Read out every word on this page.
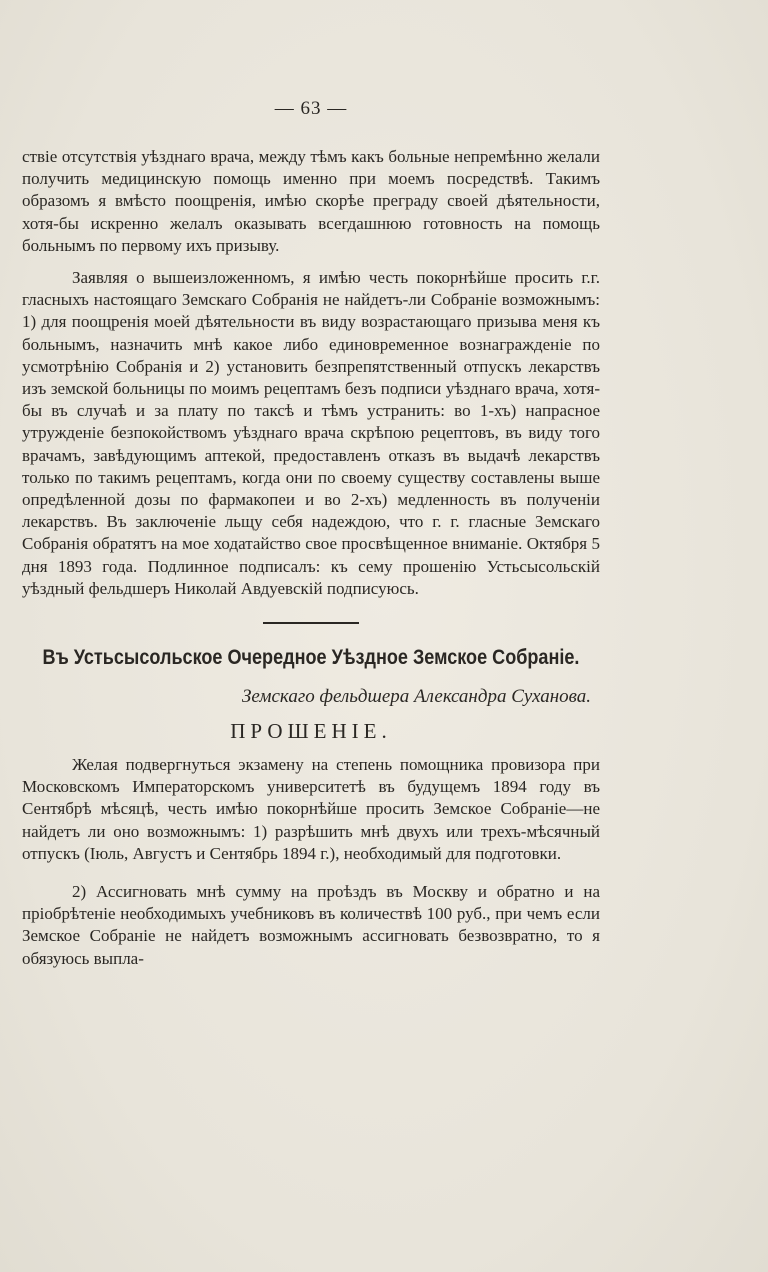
— 63 —

ствіе отсутствія уѣзднаго врача, между тѣмъ какъ больные непремѣнно желали получить медицинскую помощь именно при моемъ посредствѣ. Такимъ образомъ я вмѣсто поощренія, имѣю скорѣе преграду своей дѣятельности, хотя-бы искренно желалъ оказывать всегдашнюю готовность на помощь больнымъ по первому ихъ призыву.

Заявляя о вышеизложенномъ, я имѣю честь покорнѣйше просить г.г. гласныхъ настоящаго Земскаго Собранія не найдетъ-ли Собраніе возможнымъ: 1) для поощренія моей дѣятельности въ виду возрастающаго призыва меня къ больнымъ, назначить мнѣ какое либо единовременное вознагражденіе по усмотрѣнію Собранія и 2) установить безпрепятственный отпускъ лекарствъ изъ земской больницы по моимъ рецептамъ безъ подписи уѣзднаго врача, хотя-бы въ случаѣ и за плату по таксѣ и тѣмъ устранить: во 1-хъ) напрасное утружденіе безпокойствомъ уѣзднаго врача скрѣпою рецептовъ, въ виду того врачамъ, завѣдующимъ аптекой, предоставленъ отказъ въ выдачѣ лекарствъ только по такимъ рецептамъ, когда они по своему существу составлены выше опредѣленной дозы по фармакопеи и во 2-хъ) медленность въ полученіи лекарствъ. Въ заключеніе льщу себя надеждою, что г. г. гласные Земскаго Собранія обратятъ на мое ходатайство свое просвѣщенное вниманіе. Октября 5 дня 1893 года. Подлинное подписалъ: къ сему прошенію Устьсысольскій уѣздный фельдшеръ Николай Авдуевскій подписуюсь.

Въ Устьсысольское Очередное Уѣздное Земское Собраніе.

Земскаго фельдшера Александра Суханова.

ПРОШЕНІЕ.

Желая подвергнуться экзамену на степень помощника провизора при Московскомъ Императорскомъ университетѣ въ будущемъ 1894 году въ Сентябрѣ мѣсяцѣ, честь имѣю покорнѣйше просить Земское Собраніе—не найдетъ ли оно возможнымъ: 1) разрѣшить мнѣ двухъ или трехъ-мѣсячный отпускъ (Іюль, Августъ и Сентябрь 1894 г.), необходимый для подготовки.

2) Ассигновать мнѣ сумму на проѣздъ въ Москву и обратно и на пріобрѣтеніе необходимыхъ учебниковъ въ количествѣ 100 руб., при чемъ если Земское Собраніе не найдетъ возможнымъ ассигновать безвозвратно, то я обязуюсь выпла-
